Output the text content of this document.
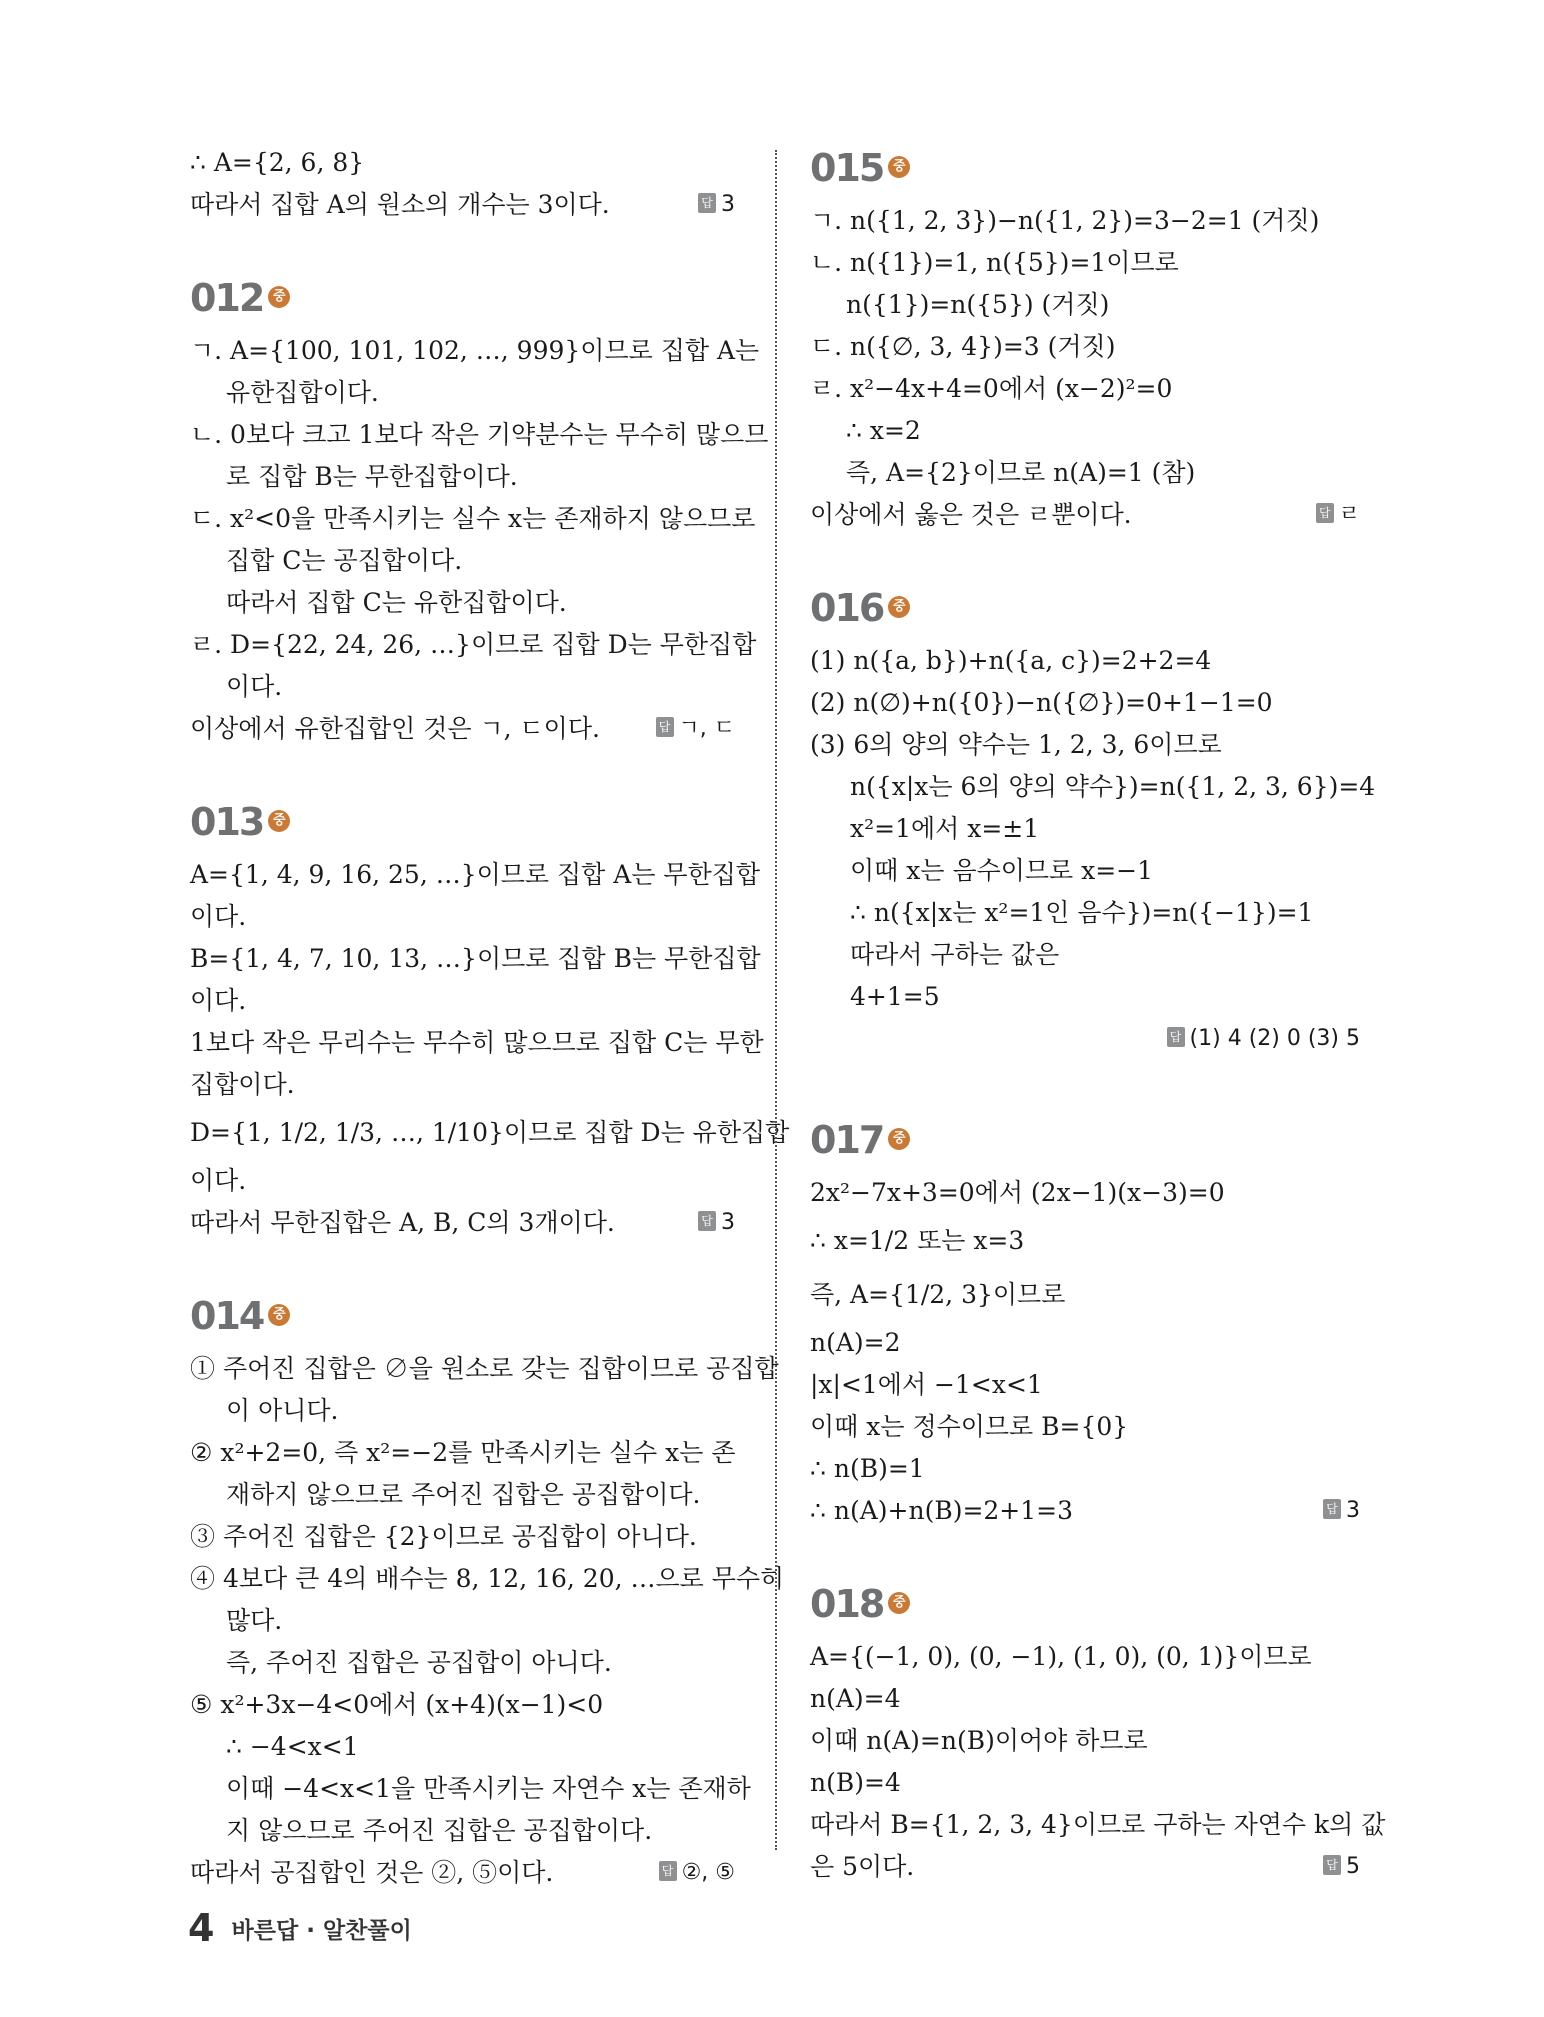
∴ A={2, 6, 8}
따라서 집합 A의 원소의 개수는 3이다.	답 3
012 중
ㄱ. A={100, 101, 102, …, 999}이므로 집합 A는
유한집합이다.
ㄴ. 0보다 크고 1보다 작은 기약분수는 무수히 많으므
로 집합 B는 무한집합이다.
ㄷ. x²<0을 만족시키는 실수 x는 존재하지 않으므로
집합 C는 공집합이다.
따라서 집합 C는 유한집합이다.
ㄹ. D={22, 24, 26, …}이므로 집합 D는 무한집합
이다.
이상에서 유한집합인 것은 ㄱ, ㄷ이다.	답 ㄱ, ㄷ
013 중
A={1, 4, 9, 16, 25, …}이므로 집합 A는 무한집합
이다.
B={1, 4, 7, 10, 13, …}이므로 집합 B는 무한집합
이다.
1보다 작은 무리수는 무수히 많으므로 집합 C는 무한
집합이다.
D={1, 1/2, 1/3, …, 1/10}이므로 집합 D는 유한집합
이다.
따라서 무한집합은 A, B, C의 3개이다.	답 3
014 중
① 주어진 집합은 ∅을 원소로 갖는 집합이므로 공집합
이 아니다.
② x²+2=0, 즉 x²=−2를 만족시키는 실수 x는 존
재하지 않으므로 주어진 집합은 공집합이다.
③ 주어진 집합은 {2}이므로 공집합이 아니다.
④ 4보다 큰 4의 배수는 8, 12, 16, 20, …으로 무수히
많다.
즉, 주어진 집합은 공집합이 아니다.
⑤ x²+3x−4<0에서 (x+4)(x−1)<0
∴ −4<x<1
이때 −4<x<1을 만족시키는 자연수 x는 존재하
지 않으므로 주어진 집합은 공집합이다.
따라서 공집합인 것은 ②, ⑤이다.	답 ②, ⑤
015 중
ㄱ. n({1, 2, 3})−n({1, 2})=3−2=1 (거짓)
ㄴ. n({1})=1, n({5})=1이므로
n({1})=n({5}) (거짓)
ㄷ. n({∅, 3, 4})=3 (거짓)
ㄹ. x²−4x+4=0에서 (x−2)²=0
∴ x=2
즉, A={2}이므로 n(A)=1 (참)
이상에서 옳은 것은 ㄹ뿐이다.	답 ㄹ
016 중
(1) n({a, b})+n({a, c})=2+2=4
(2) n(∅)+n({0})−n({∅})=0+1−1=0
(3) 6의 양의 약수는 1, 2, 3, 6이므로
n({x|x는 6의 양의 약수})=n({1, 2, 3, 6})=4
x²=1에서 x=±1
이때 x는 음수이므로 x=−1
∴ n({x|x는 x²=1인 음수})=n({−1})=1
따라서 구하는 값은
4+1=5
답 (1) 4 (2) 0 (3) 5
017 중
2x²−7x+3=0에서 (2x−1)(x−3)=0
∴ x=1/2 또는 x=3
즉, A={1/2, 3}이므로
n(A)=2
|x|<1에서 −1<x<1
이때 x는 정수이므로 B={0}
∴ n(B)=1
∴ n(A)+n(B)=2+1=3	답 3
018 중
A={(−1, 0), (0, −1), (1, 0), (0, 1)}이므로
n(A)=4
이때 n(A)=n(B)이어야 하므로
n(B)=4
따라서 B={1, 2, 3, 4}이므로 구하는 자연수 k의 값
은 5이다.	답 5
4 바른답 · 알찬풀이
